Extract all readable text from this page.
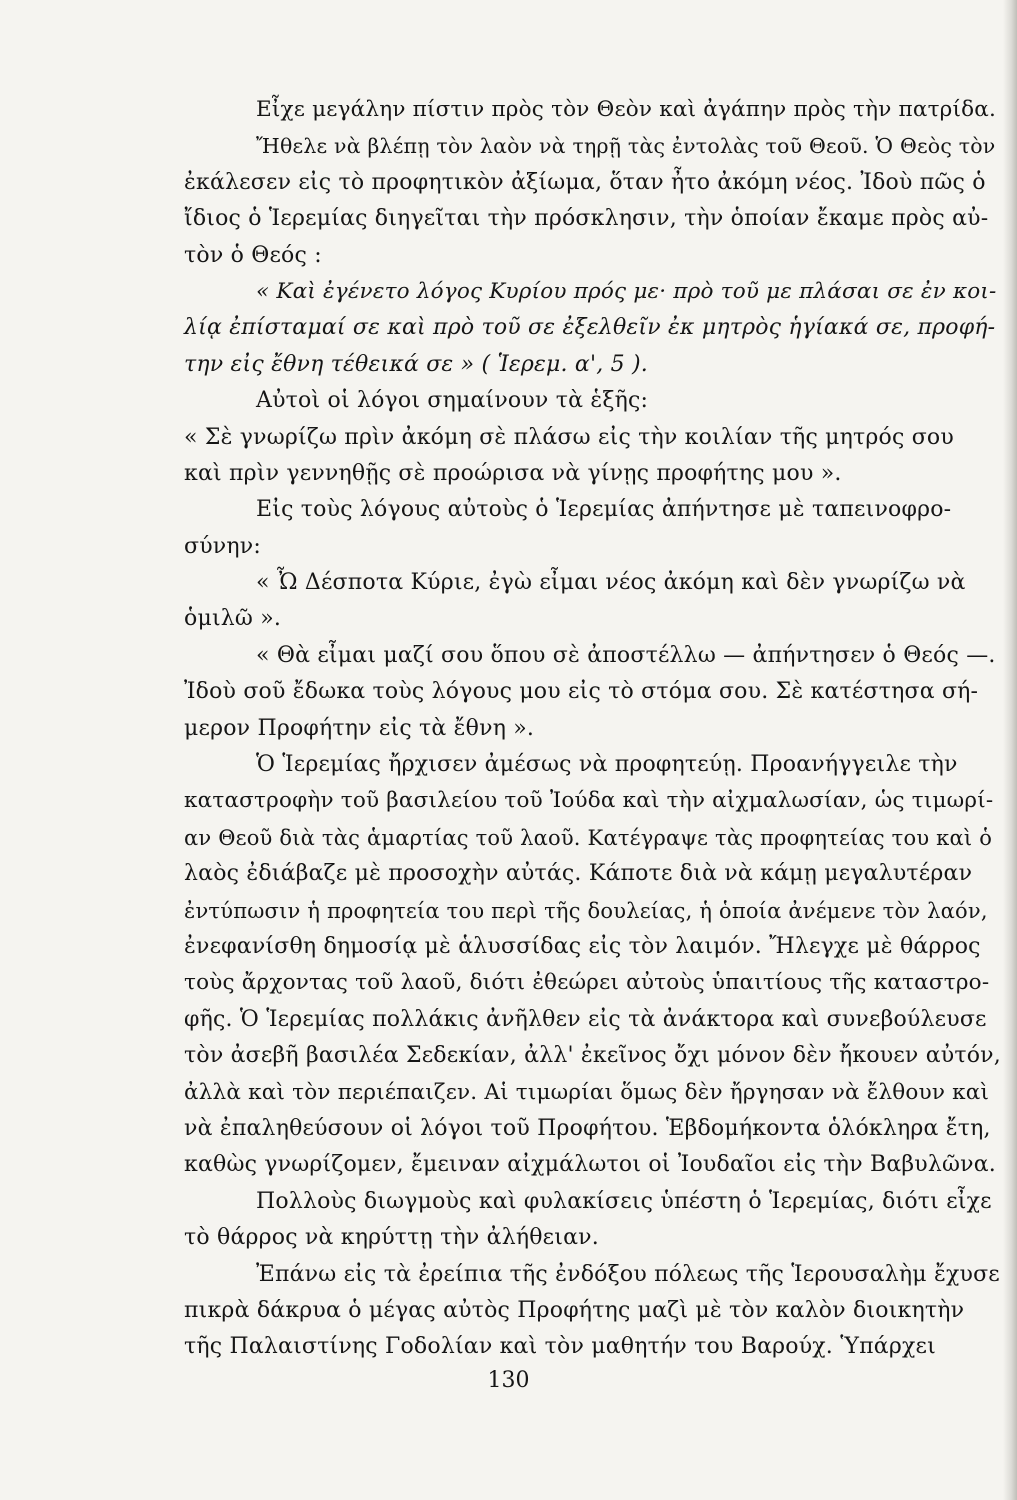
Εἶχε μεγάλην πίστιν πρὸς τὸν Θεὸν καὶ ἀγάπην πρὸς τὴν πατρίδα.
Ἤθελε νὰ βλέπῃ τὸν λαὸν νὰ τηρῇ τὰς ἐντολὰς τοῦ Θεοῦ. Ὁ Θεὸς τὸν
ἐκάλεσεν εἰς τὸ προφητικὸν ἀξίωμα, ὅταν ἦτο ἀκόμη νέος. Ἰδοὺ πῶς ὁ
ἴδιος ὁ Ἱερεμίας διηγεῖται τὴν πρόσκλησιν, τὴν ὁποίαν ἔκαμε πρὸς αὐ-
τὸν ὁ Θεός :
« Καὶ ἐγένετο λόγος Κυρίου πρός με· πρὸ τοῦ με πλάσαι σε ἐν κοι-
λίᾳ ἐπίσταμαί σε καὶ πρὸ τοῦ σε ἐξελθεῖν ἐκ μητρὸς ἡγίακά σε, προφή-
την εἰς ἔθνη τέθεικά σε » ( Ἱερεμ. α', 5 ).
Αὐτοὶ οἱ λόγοι σημαίνουν τὰ ἑξῆς:
« Σὲ γνωρίζω πρὶν ἀκόμη σὲ πλάσω εἰς τὴν κοιλίαν τῆς μητρός σου
καὶ πρὶν γεννηθῇς σὲ προώρισα νὰ γίνῃς προφήτης μου ».
Εἰς τοὺς λόγους αὐτοὺς ὁ Ἱερεμίας ἀπήντησε μὲ ταπεινοφρο-
σύνην:
« Ὦ Δέσποτα Κύριε, ἐγὼ εἶμαι νέος ἀκόμη καὶ δὲν γνωρίζω νὰ
ὁμιλῶ ».
« Θὰ εἶμαι μαζί σου ὅπου σὲ ἀποστέλλω — ἀπήντησεν ὁ Θεός —.
Ἰδοὺ σοῦ ἔδωκα τοὺς λόγους μου εἰς τὸ στόμα σου. Σὲ κατέστησα σή-
μερον Προφήτην εἰς τὰ ἔθνη ».
Ὁ Ἱερεμίας ἤρχισεν ἀμέσως νὰ προφητεύῃ. Προανήγγειλε τὴν
καταστροφὴν τοῦ βασιλείου τοῦ Ἰούδα καὶ τὴν αἰχμαλωσίαν, ὡς τιμωρί-
αν Θεοῦ διὰ τὰς ἁμαρτίας τοῦ λαοῦ. Κατέγραψε τὰς προφητείας του καὶ ὁ
λαὸς ἐδιάβαζε μὲ προσοχὴν αὐτάς. Κάποτε διὰ νὰ κάμῃ μεγαλυτέραν
ἐντύπωσιν ἡ προφητεία του περὶ τῆς δουλείας, ἡ ὁποία ἀνέμενε τὸν λαόν,
ἐνεφανίσθη δημοσίᾳ μὲ ἁλυσσίδας εἰς τὸν λαιμόν. Ἤλεγχε μὲ θάρρος
τοὺς ἄρχοντας τοῦ λαοῦ, διότι ἐθεώρει αὐτοὺς ὑπαιτίους τῆς καταστρο-
φῆς. Ὁ Ἱερεμίας πολλάκις ἀνῆλθεν εἰς τὰ ἀνάκτορα καὶ συνεβούλευσε
τὸν ἀσεβῆ βασιλέα Σεδεκίαν, ἀλλ' ἐκεῖνος ὄχι μόνον δὲν ἤκουεν αὐτόν,
ἀλλὰ καὶ τὸν περιέπαιζεν. Αἱ τιμωρίαι ὅμως δὲν ἤργησαν νὰ ἔλθουν καὶ
νὰ ἐπαληθεύσουν οἱ λόγοι τοῦ Προφήτου. Ἑβδομήκοντα ὁλόκληρα ἔτη,
καθὼς γνωρίζομεν, ἔμειναν αἰχμάλωτοι οἱ Ἰουδαῖοι εἰς τὴν Βαβυλῶνα.
Πολλοὺς διωγμοὺς καὶ φυλακίσεις ὑπέστη ὁ Ἱερεμίας, διότι εἶχε
τὸ θάρρος νὰ κηρύττῃ τὴν ἀλήθειαν.
Ἐπάνω εἰς τὰ ἐρείπια τῆς ἐνδόξου πόλεως τῆς Ἱερουσαλὴμ ἔχυσε
πικρὰ δάκρυα ὁ μέγας αὐτὸς Προφήτης μαζὶ μὲ τὸν καλὸν διοικητὴν
τῆς Παλαιστίνης Γοδολίαν καὶ τὸν μαθητήν του Βαρούχ. Ὑπάρχει
130
